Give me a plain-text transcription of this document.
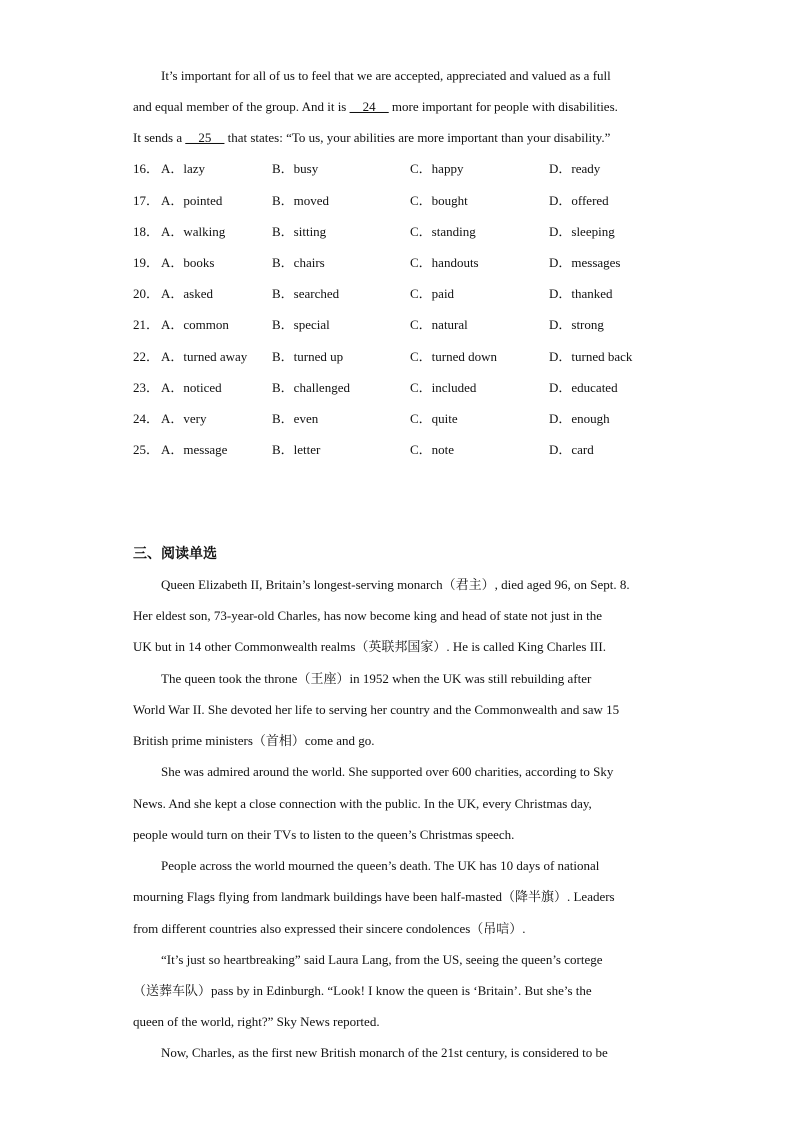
It’s important for all of us to feel that we are accepted, appreciated and valued as a full
and equal member of the group. And it is __24__ more important for people with disabilities.
It sends a __25__ that states: “To us, your abilities are more important than your disability.”
16． A．lazy	B．busy	C．happy	D．ready
17． A．pointed	B．moved	C．bought	D．offered
18． A．walking	B．sitting	C．standing	D．sleeping
19． A．books	B．chairs	C．handouts	D．messages
20． A．asked	B．searched	C．paid	D．thanked
21． A．common	B．special	C．natural	D．strong
22． A．turned away B．turned up	C．turned down	D．turned back
23． A．noticed	B．challenged	C．included	D．educated
24． A．very	B．even	C．quite	D．enough
25． A．message	B．letter	C．note	D．card
三、阅读单选
Queen Elizabeth II, Britain’s longest-serving monarch（君主）, died aged 96, on Sept. 8.
Her eldest son, 73-year-old Charles, has now become king and head of state not just in the
UK but in 14 other Commonwealth realms（英联邦国家）. He is called King Charles III.
The queen took the throne（王座）in 1952 when the UK was still rebuilding after
World War II. She devoted her life to serving her country and the Commonwealth and saw 15
British prime ministers（首相）come and go.
She was admired around the world. She supported over 600 charities, according to Sky
News. And she kept a close connection with the public. In the UK, every Christmas day,
people would turn on their TVs to listen to the queen’s Christmas speech.
People across the world mourned the queen’s death. The UK has 10 days of national
mourning Flags flying from landmark buildings have been half-masted（降半旗）. Leaders
from different countries also expressed their sincere condolences（吊唁）.
“It’s just so heartbreaking” said Laura Lang, from the US, seeing the queen’s cortege
（送葬车队）pass by in Edinburgh. “Look! I know the queen is ‘Britain’. But she’s the
queen of the world, right?” Sky News reported.
Now, Charles, as the first new British monarch of the 21st century, is considered to be
